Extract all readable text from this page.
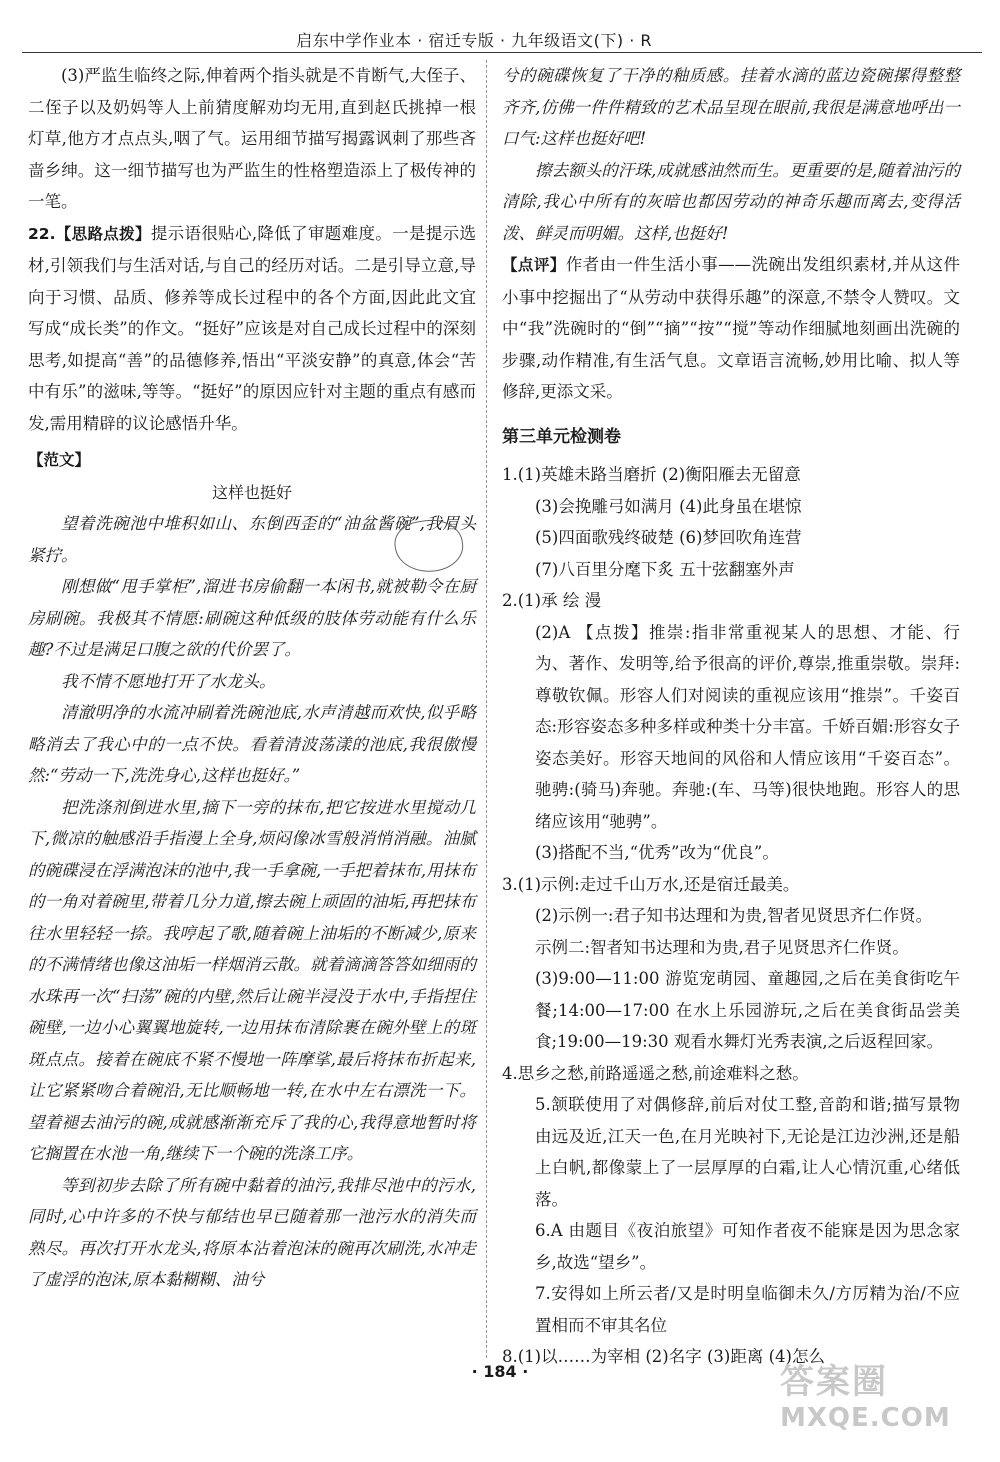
启东中学作业本 · 宿迁专版 · 九年级语文(下) · R

(3)严监生临终之际,伸着两个指头就是不肯断气,大侄子、二侄子以及奶妈等人上前猜度解劝均无用,直到赵氏挑掉一根灯草,他方才点点头,咽了气。运用细节描写揭露讽刺了那些吝啬乡绅。这一细节描写也为严监生的性格塑造添上了极传神的一笔。

22.【思路点拨】提示语很贴心,降低了审题难度。一是提示选材,引领我们与生活对话,与自己的经历对话。二是引导立意,导向于习惯、品质、修养等成长过程中的各个方面,因此此文宜写成“成长类”的作文。“挺好”应该是对自己成长过程中的深刻思考,如提高“善”的品德修养,悟出“平淡安静”的真意,体会“苦中有乐”的滋味,等等。“挺好”的原因应针对主题的重点有感而发,需用精辟的议论感悟升华。

【范文】

这样也挺好

望着洗碗池中堆积如山、东倒西歪的“油盆酱碗”,我眉头紧拧。

刚想做“甩手掌柜”,溜进书房偷翻一本闲书,就被勒令在厨房刷碗。我极其不情愿:刷碗这种低级的肢体劳动能有什么乐趣?不过是满足口腹之欲的代价罢了。

我不情不愿地打开了水龙头。

清澈明净的水流冲刷着洗碗池底,水声清越而欢快,似乎略略消去了我心中的一点不快。看着清波荡漾的池底,我很傲慢然:“劳动一下,洗洗身心,这样也挺好。”

把洗涤剂倒进水里,摘下一旁的抹布,把它按进水里搅动几下,微凉的触感沿手指漫上全身,烦闷像冰雪般消悄消融。油腻的碗碟浸在浮满泡沫的池中,我一手拿碗,一手把着抹布,用抹布的一角对着碗里,带着几分力道,擦去碗上顽固的油垢,再把抹布往水里轻轻一捺。我哼起了歌,随着碗上油垢的不断减少,原来的不满情绪也像这油垢一样烟消云散。就着滴滴答答如细雨的水珠再一次“扫荡”碗的内壁,然后让碗半浸没于水中,手指捏住碗壁,一边小心翼翼地旋转,一边用抹布清除裹在碗外壁上的斑斑点点。接着在碗底不紧不慢地一阵摩挲,最后将抹布折起来,让它紧紧吻合着碗沿,无比顺畅地一转,在水中左右漂洗一下。望着褪去油污的碗,成就感渐渐充斥了我的心,我得意地暂时将它搁置在水池一角,继续下一个碗的洗涤工序。

等到初步去除了所有碗中黏着的油污,我排尽池中的污水,同时,心中许多的不快与郁结也早已随着那一池污水的消失而熟尽。再次打开水龙头,将原本沾着泡沫的碗再次刷洗,水冲走了虚浮的泡沫,原本黏糊糊、油兮

兮的碗碟恢复了干净的釉质感。挂着水滴的蓝边瓷碗摞得整整齐齐,仿佛一件件精致的艺术品呈现在眼前,我很是满意地呼出一口气:这样也挺好吧!

擦去额头的汗珠,成就感油然而生。更重要的是,随着油污的清除,我心中所有的灰暗也都因劳动的神奇乐趣而离去,变得活泼、鲜灵而明媚。这样,也挺好!

【点评】作者由一件生活小事——洗碗出发组织素材,并从这件小事中挖掘出了“从劳动中获得乐趣”的深意,不禁令人赞叹。文中“我”洗碗时的“倒”“摘”“按”“搅”等动作细腻地刻画出洗碗的步骤,动作精准,有生活气息。文章语言流畅,妙用比喻、拟人等修辞,更添文采。

第三单元检测卷

1.(1)英雄未路当磨折 (2)衡阳雁去无留意

(3)会挽雕弓如满月 (4)此身虽在堪惊

(5)四面歌残终破楚 (6)梦回吹角连营

(7)八百里分麾下炙 五十弦翻塞外声

2.(1)承 绘 漫

(2)A 【点拨】推崇:指非常重视某人的思想、才能、行为、著作、发明等,给予很高的评价,尊崇,推重崇敬。崇拜:尊敬钦佩。形容人们对阅读的重视应该用“推崇”。千姿百态:形容姿态多种多样或种类十分丰富。千娇百媚:形容女子姿态美好。形容天地间的风俗和人情应该用“千姿百态”。驰骋:(骑马)奔驰。奔驰:(车、马等)很快地跑。形容人的思绪应该用“驰骋”。

(3)搭配不当,“优秀”改为“优良”。

3.(1)示例:走过千山万水,还是宿迁最美。

(2)示例一:君子知书达理和为贵,智者见贤思齐仁作贤。

示例二:智者知书达理和为贵,君子见贤思齐仁作贤。

(3)9:00—11:00 游览宠萌园、童趣园,之后在美食街吃午餐;14:00—17:00 在水上乐园游玩,之后在美食街品尝美食;19:00—19:30 观看水舞灯光秀表演,之后返程回家。

4.思乡之愁,前路遥遥之愁,前途难料之愁。

5.颔联使用了对偶修辞,前后对仗工整,音韵和谐;描写景物由远及近,江天一色,在月光映衬下,无论是江边沙洲,还是船上白帆,都像蒙上了一层厚厚的白霜,让人心情沉重,心绪低落。

6.A 由题目《夜泊旅望》可知作者夜不能寐是因为思念家乡,故选“望乡”。

7.安得如上所云者/又是时明皇临御未久/方厉精为治/不应置相而不审其名位

8.(1)以……为宰相 (2)名字 (3)距离 (4)怎么

· 184 ·	答案圈
MXQE.COM
